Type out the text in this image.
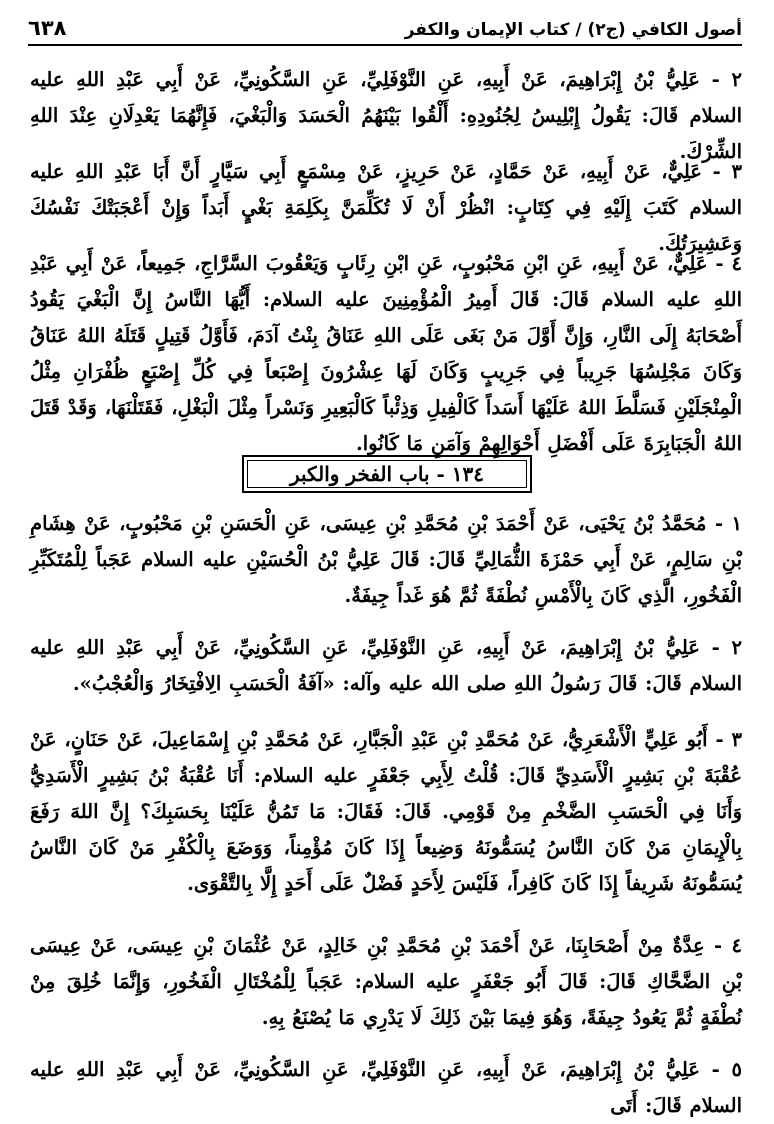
أصول الكافي (ج٢) / كتاب الإيمان والكفر
٦٣٨

٢ - عَلِيُّ بْنُ إِبْرَاهِيمَ، عَنْ أَبِيهِ، عَنِ النَّوْفَلِيِّ، عَنِ السَّكُونِيِّ، عَنْ أَبِي عَبْدِ اللهِ عليه السلام قَالَ: يَقُولُ إِبْلِيسُ لِجُنُودِهِ: أَلْقُوا بَيْنَهُمُ الْحَسَدَ وَالْبَغْيَ، فَإِنَّهُمَا يَعْدِلَانِ عِنْدَ اللهِ الشِّرْكَ.

٣ - عَلِيٌّ، عَنْ أَبِيهِ، عَنْ حَمَّادٍ، عَنْ حَرِيزٍ، عَنْ مِسْمَعٍ أَبِي سَيَّارٍ أَنَّ أَبَا عَبْدِ اللهِ عليه السلام كَتَبَ إِلَيْهِ فِي كِتَابٍ: انْظُرْ أَنْ لَا تُكَلِّمَنَّ بِكَلِمَةِ بَغْيٍ أَبَداً وَإِنْ أَعْجَبَتْكَ نَفْسُكَ وَعَشِيرَتُكَ.

٤ - عَلِيٌّ، عَنْ أَبِيهِ، عَنِ ابْنِ مَحْبُوبٍ، عَنِ ابْنِ رِئَابٍ وَيَعْقُوبَ السَّرَّاجِ، جَمِيعاً، عَنْ أَبِي عَبْدِ اللهِ عليه السلام قَالَ: قَالَ أَمِيرُ الْمُؤْمِنِينَ عليه السلام: أَيُّهَا النَّاسُ إِنَّ الْبَغْيَ يَقُودُ أَصْحَابَهُ إِلَى النَّارِ، وَإِنَّ أَوَّلَ مَنْ بَغَى عَلَى اللهِ عَنَاقُ بِنْتُ آدَمَ، فَأَوَّلُ قَتِيلٍ قَتَلَهُ اللهُ عَنَاقُ وَكَانَ مَجْلِسُهَا جَرِيباً فِي جَرِيبٍ وَكَانَ لَهَا عِشْرُونَ إِصْبَعاً فِي كُلِّ إِصْبَعٍ ظُفْرَانِ مِثْلُ الْمِنْجَلَيْنِ فَسَلَّطَ اللهُ عَلَيْهَا أَسَداً كَالْفِيلِ وَذِئْباً كَالْبَعِيرِ وَنَسْراً مِثْلَ الْبَغْلِ، فَقَتَلْنَهَا، وَقَدْ قَتَلَ اللهُ الْجَبَابِرَةَ عَلَى أَفْضَلِ أَحْوَالِهِمْ وَآمَنِ مَا كَانُوا.

١٣٤ - باب الفخر والكبر

١ - مُحَمَّدُ بْنُ يَحْيَى، عَنْ أَحْمَدَ بْنِ مُحَمَّدِ بْنِ عِيسَى، عَنِ الْحَسَنِ بْنِ مَحْبُوبٍ، عَنْ هِشَامِ بْنِ سَالِمٍ، عَنْ أَبِي حَمْزَةَ الثُّمَالِيِّ قَالَ: قَالَ عَلِيُّ بْنُ الْحُسَيْنِ عليه السلام عَجَباً لِلْمُتَكَبِّرِ الْفَخُورِ، الَّذِي كَانَ بِالْأَمْسِ نُطْفَةً ثُمَّ هُوَ غَداً جِيفَةٌ.

٢ - عَلِيُّ بْنُ إِبْرَاهِيمَ، عَنْ أَبِيهِ، عَنِ النَّوْفَلِيِّ، عَنِ السَّكُونِيِّ، عَنْ أَبِي عَبْدِ اللهِ عليه السلام قَالَ: قَالَ رَسُولُ اللهِ صلى الله عليه وآله: «آفَةُ الْحَسَبِ الِافْتِخَارُ وَالْعُجْبُ».

٣ - أَبُو عَلِيٍّ الْأَشْعَرِيُّ، عَنْ مُحَمَّدِ بْنِ عَبْدِ الْجَبَّارِ، عَنْ مُحَمَّدِ بْنِ إِسْمَاعِيلَ، عَنْ حَنَانٍ، عَنْ عُقْبَةَ بْنِ بَشِيرٍ الْأَسَدِيِّ قَالَ: قُلْتُ لِأَبِي جَعْفَرٍ عليه السلام: أَنَا عُقْبَةُ بْنُ بَشِيرٍ الْأَسَدِيُّ وَأَنَا فِي الْحَسَبِ الضَّخْمِ مِنْ قَوْمِي. قَالَ: فَقَالَ: مَا تَمُنُّ عَلَيْنَا بِحَسَبِكَ؟ إِنَّ اللهَ رَفَعَ بِالْإِيمَانِ مَنْ كَانَ النَّاسُ يُسَمُّونَهُ وَضِيعاً إِذَا كَانَ مُؤْمِناً، وَوَضَعَ بِالْكُفْرِ مَنْ كَانَ النَّاسُ يُسَمُّونَهُ شَرِيفاً إِذَا كَانَ كَافِراً، فَلَيْسَ لِأَحَدٍ فَضْلٌ عَلَى أَحَدٍ إِلَّا بِالتَّقْوَى.

٤ - عِدَّةٌ مِنْ أَصْحَابِنَا، عَنْ أَحْمَدَ بْنِ مُحَمَّدِ بْنِ خَالِدٍ، عَنْ عُثْمَانَ بْنِ عِيسَى، عَنْ عِيسَى بْنِ الضَّحَّاكِ قَالَ: قَالَ أَبُو جَعْفَرٍ عليه السلام: عَجَباً لِلْمُخْتَالِ الْفَخُورِ، وَإِنَّمَا خُلِقَ مِنْ نُطْفَةٍ ثُمَّ يَعُودُ جِيفَةً، وَهُوَ فِيمَا بَيْنَ ذَلِكَ لَا يَدْرِي مَا يُصْنَعُ بِهِ.

٥ - عَلِيُّ بْنُ إِبْرَاهِيمَ، عَنْ أَبِيهِ، عَنِ النَّوْفَلِيِّ، عَنِ السَّكُونِيِّ، عَنْ أَبِي عَبْدِ اللهِ عليه السلام قَالَ: أَتَى
